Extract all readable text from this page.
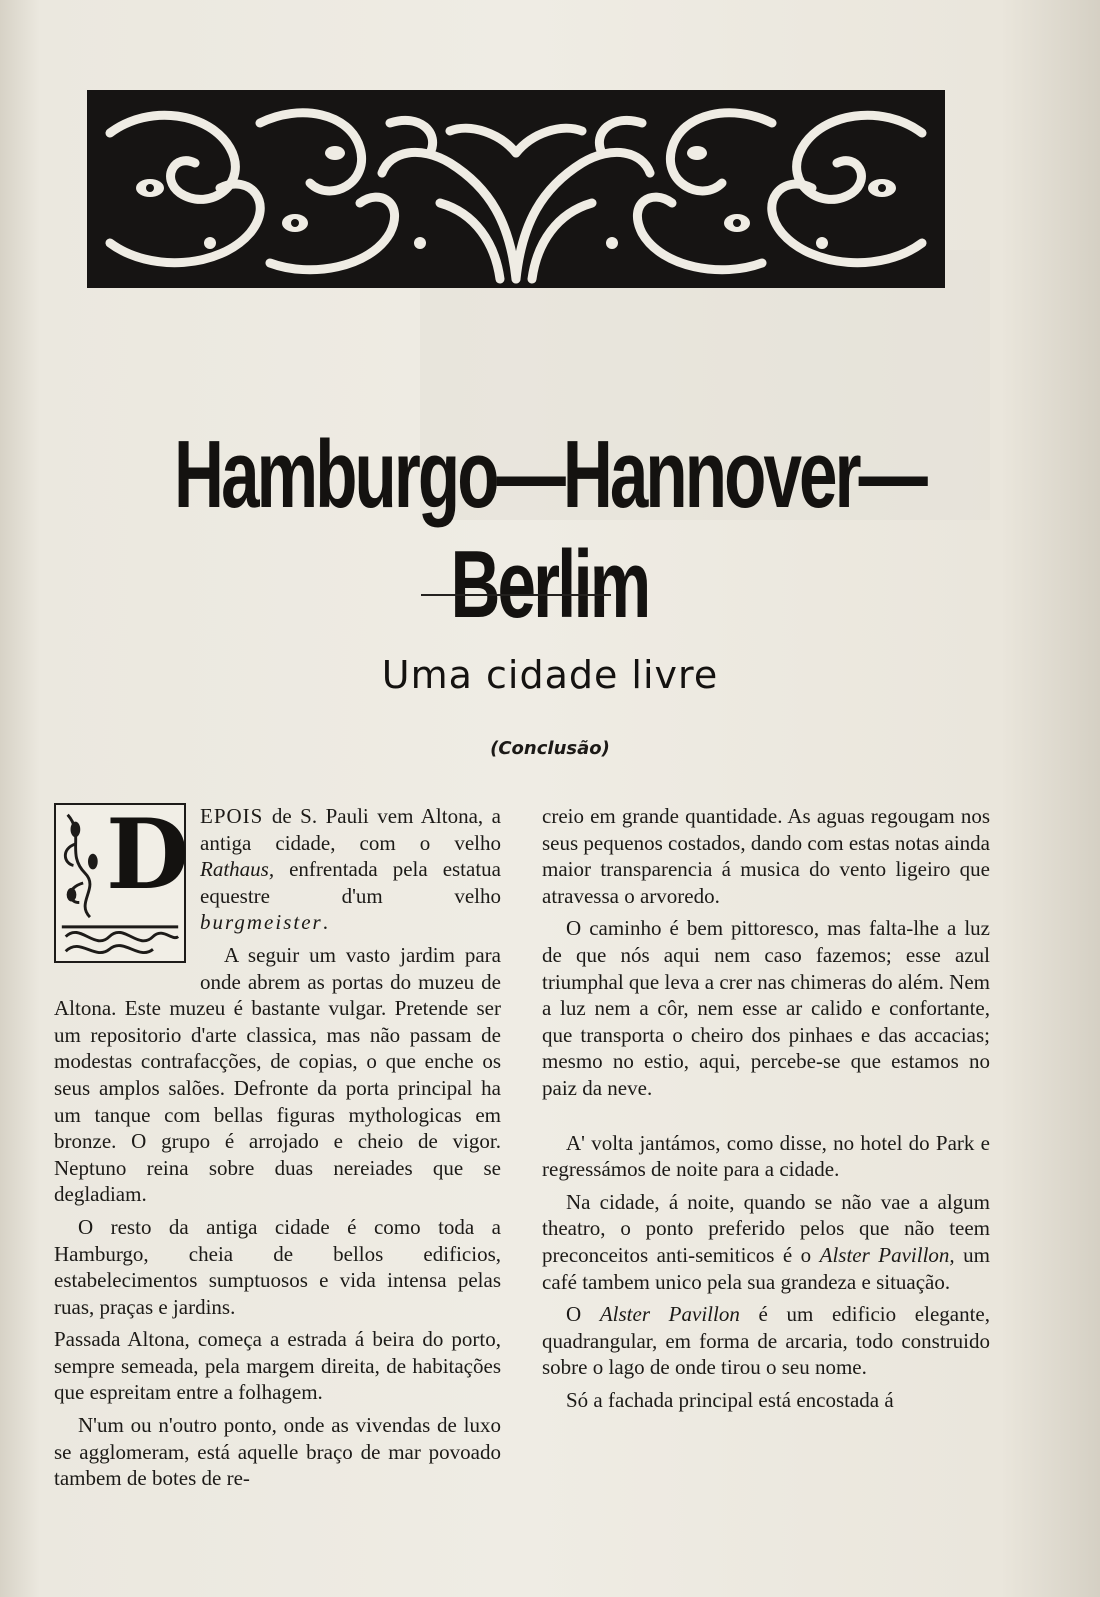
Hamburgo—Hannover—Berlim
Uma cidade livre
(Conclusão)
D EPOIS de S. Pauli vem Altona, a antiga cidade, com o velho Rathaus, enfrentada pela estatua equestre d'um velho burgmeister.

A seguir um vasto jardim para onde abrem as portas do muzeu de Altona. Este muzeu é bastante vulgar. Pretende ser um repositorio d'arte classica, mas não passam de modestas contrafacções, de copias, o que enche os seus amplos salões. Defronte da porta principal ha um tanque com bellas figuras mythologicas em bronze. O grupo é arrojado e cheio de vigor. Neptuno reina sobre duas nereiades que se degladiam.

O resto da antiga cidade é como toda a Hamburgo, cheia de bellos edificios, estabelecimentos sumptuosos e vida intensa pelas ruas, praças e jardins.

Passada Altona, começa a estrada á beira do porto, sempre semeada, pela margem direita, de habitações que espreitam entre a folhagem.

N'um ou n'outro ponto, onde as vivendas de luxo se agglomeram, está aquelle braço de mar povoado tambem de botes de re-

creio em grande quantidade. As aguas regougam nos seus pequenos costados, dando com estas notas ainda maior transparencia á musica do vento ligeiro que atravessa o arvoredo.

O caminho é bem pittoresco, mas falta-lhe a luz de que nós aqui nem caso fazemos; esse azul triumphal que leva a crer nas chimeras do além. Nem a luz nem a côr, nem esse ar calido e confortante, que transporta o cheiro dos pinhaes e das accacias; mesmo no estio, aqui, percebe-se que estamos no paiz da neve.

A' volta jantámos, como disse, no hotel do Park e regressámos de noite para a cidade.

Na cidade, á noite, quando se não vae a algum theatro, o ponto preferido pelos que não teem preconceitos anti-semiticos é o Alster Pavillon, um café tambem unico pela sua grandeza e situação.

O Alster Pavillon é um edificio elegante, quadrangular, em forma de arcaria, todo construido sobre o lago de onde tirou o seu nome.

Só a fachada principal está encostada á
